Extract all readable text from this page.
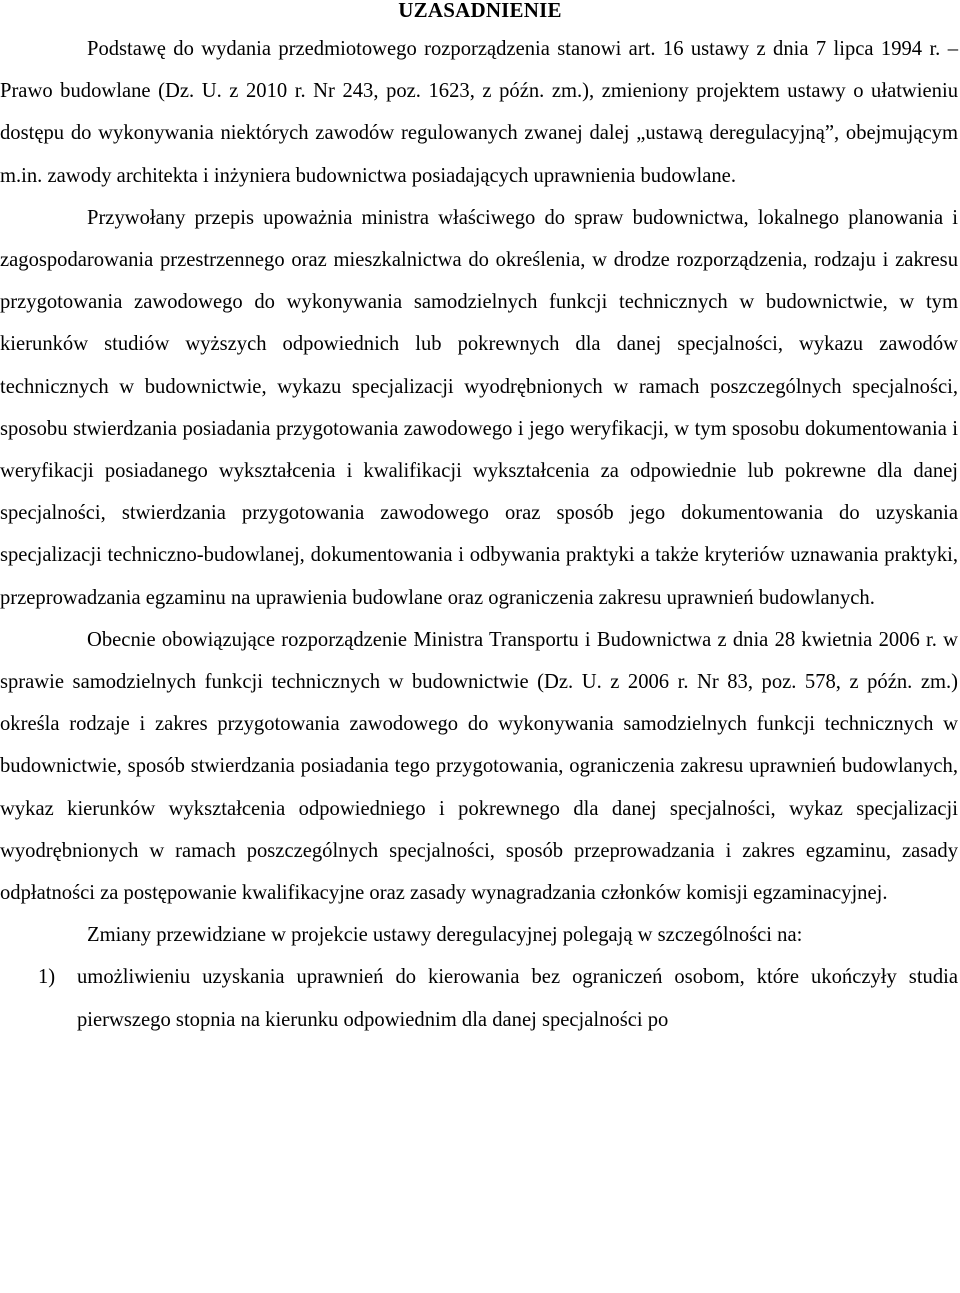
UZASADNIENIE

Podstawę do wydania przedmiotowego rozporządzenia stanowi art. 16 ustawy z dnia 7 lipca 1994 r. – Prawo budowlane (Dz. U. z 2010 r. Nr 243, poz. 1623, z późn. zm.), zmieniony projektem ustawy o ułatwieniu dostępu do wykonywania niektórych zawodów regulowanych zwanej dalej „ustawą deregulacyjną”, obejmującym m.in. zawody architekta i inżyniera budownictwa posiadających uprawnienia budowlane.

Przywołany przepis upoważnia ministra właściwego do spraw budownictwa, lokalnego planowania i zagospodarowania przestrzennego oraz mieszkalnictwa do określenia, w drodze rozporządzenia, rodzaju i zakresu przygotowania zawodowego do wykonywania samodzielnych funkcji technicznych w budownictwie, w tym kierunków studiów wyższych odpowiednich lub pokrewnych dla danej specjalności, wykazu zawodów technicznych w budownictwie, wykazu specjalizacji wyodrębnionych w ramach poszczególnych specjalności, sposobu stwierdzania posiadania przygotowania zawodowego i jego weryfikacji, w tym sposobu dokumentowania i weryfikacji posiadanego wykształcenia i kwalifikacji wykształcenia za odpowiednie lub pokrewne dla danej specjalności, stwierdzania przygotowania zawodowego oraz sposób jego dokumentowania do uzyskania specjalizacji techniczno-budowlanej, dokumentowania i odbywania praktyki a także kryteriów uznawania praktyki, przeprowadzania egzaminu na uprawienia budowlane oraz ograniczenia zakresu uprawnień budowlanych.

Obecnie obowiązujące rozporządzenie Ministra Transportu i Budownictwa z dnia 28 kwietnia 2006 r. w sprawie samodzielnych funkcji technicznych w budownictwie (Dz. U. z 2006 r. Nr 83, poz. 578, z późn. zm.) określa rodzaje i zakres przygotowania zawodowego do wykonywania samodzielnych funkcji technicznych w budownictwie, sposób stwierdzania posiadania tego przygotowania, ograniczenia zakresu uprawnień budowlanych, wykaz kierunków wykształcenia odpowiedniego i pokrewnego dla danej specjalności, wykaz specjalizacji wyodrębnionych w ramach poszczególnych specjalności, sposób przeprowadzania i zakres egzaminu, zasady odpłatności za postępowanie kwalifikacyjne oraz zasady wynagradzania członków komisji egzaminacyjnej.

Zmiany przewidziane w projekcie ustawy deregulacyjnej polegają w szczególności na:

1) umożliwieniu uzyskania uprawnień do kierowania bez ograniczeń osobom, które ukończyły studia pierwszego stopnia na kierunku odpowiednim dla danej specjalności po
